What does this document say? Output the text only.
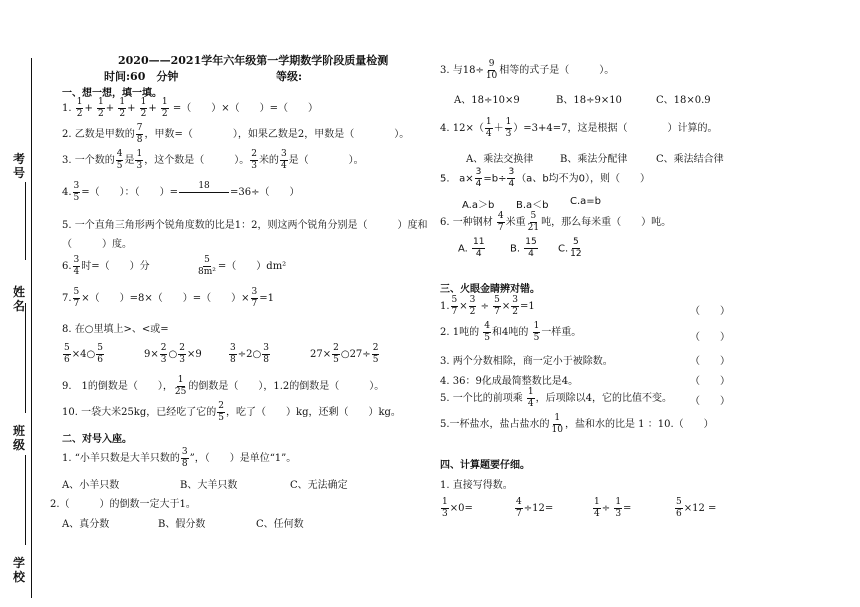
考号
姓名
班级
学校
2020——2021学年六年级第一学期数学阶段质量检测
时间:60　分钟	等级:
一、想一想，填一填。
1. $\frac{1}{2} + \frac{1}{2} + \frac{1}{2} + \frac{1}{2} + \frac{1}{2}$ =（　　）×（　　）=（　　）
2. 乙数是甲数的 $\frac{7}{8}$ ，甲数=（　　　　），如果乙数是2，甲数是（　　　　）。
3. 一个数的 $\frac{4}{5}$ 是 $\frac{1}{3}$ ，这个数是（　　　）。 $\frac{2}{3}$ 米的 $\frac{3}{4}$ 是（　　　　）。
4. $\frac{3}{5}$ =（　　）：（　　）=
18

=36÷（　　）
5. 一个直角三角形两个锐角度数的比是1：2，则这两个锐角分别是（　　　）度和
（　　　）度。
6. $\frac{3}{4}$ 时=（　　）分	$\frac{5}{\text{8m²}}$ =（　　）dm²
7. $\frac{5}{7}$ ×（　　）=8×（　　）=（　　）× $\frac{3}{7} =1$
8. 在○里填上>、<或=
$\frac{5}{6}$ ×4○ $\frac{5}{6}$	$9\times \frac{2}{3}$ ○ $\frac{2}{3} \times 9$	$\frac{3}{8}$ ÷2○ $\frac{3}{8}$	$27\times \frac{2}{5}$ ○27÷ $\frac{2}{5}$
9.　1的倒数是（　　）， $\frac{1}{25}$ 的倒数是（　　），1.2的倒数是（　　　）。
10. 一袋大米25kg，已经吃了它的 $\frac{2}{5}$ ，吃了（　　）kg，还剩（　　）kg。
二、对号入座。
1. “小羊只数是大羊只数的 $\frac{3}{8}$ ”，（　　）是单位“1”。
A、小羊只数	B、大羊只数	C、无法确定
2.（　　　）的倒数一定大于1。
A、真分数	B、假分数	C、任何数
3. 与$18\div \frac{9}{10}$ 相等的式子是（　　　）。
A、18÷10×9	B、18÷9×10	C、18×0.9
4. $12\times( \frac{1}{4} + \frac{1}{3} )=3+4=7$，这是根据（　　　　）计算的。
A、乘法交换律	B、乘法分配律	C、乘法结合律
5. $a\times \frac{3}{4} =b\div \frac{3}{4} (a$、b均不为0），则（　　）
A.a＞b B.a＜b C.a=b
6. 一种钢材 $\frac{4}{7}$ 米重 $\frac{5}{21}$ 吨，那么每米重（　　）吨。
A. $\frac{11}{4} B$. $\frac{15}{4} C$. $\frac{5}{12}$
三、火眼金睛辨对错。
1. $\frac{5}{7} \times \frac{3}{2} \div \frac{5}{7} \times \frac{3}{2} =1$	（　　）
2. 1吨的 $\frac{4}{5}$ 和4吨的 $\frac{1}{5}$ 一样重。	（　　）
3. 两个分数相除，商一定小于被除数。	（　　）
4. 36：9化成最简整数比是4。	（　　）
5. 一个比的前项乘 $\frac{1}{4}$ ，后项除以4，它的比值不变。 （　　）
5.一杯盐水，盐占盐水的 $\frac{1}{10}$ ，盐和水的比是 1 ：10.（　　）
四、计算题要仔细。
1. 直接写得数。
$\frac{1}{3} \times 0=$	$\frac{4}{7} \div 12=$	$\frac{1}{4} \div \frac{1}{3}$ =	$\frac{5}{6} \times 12$ =
